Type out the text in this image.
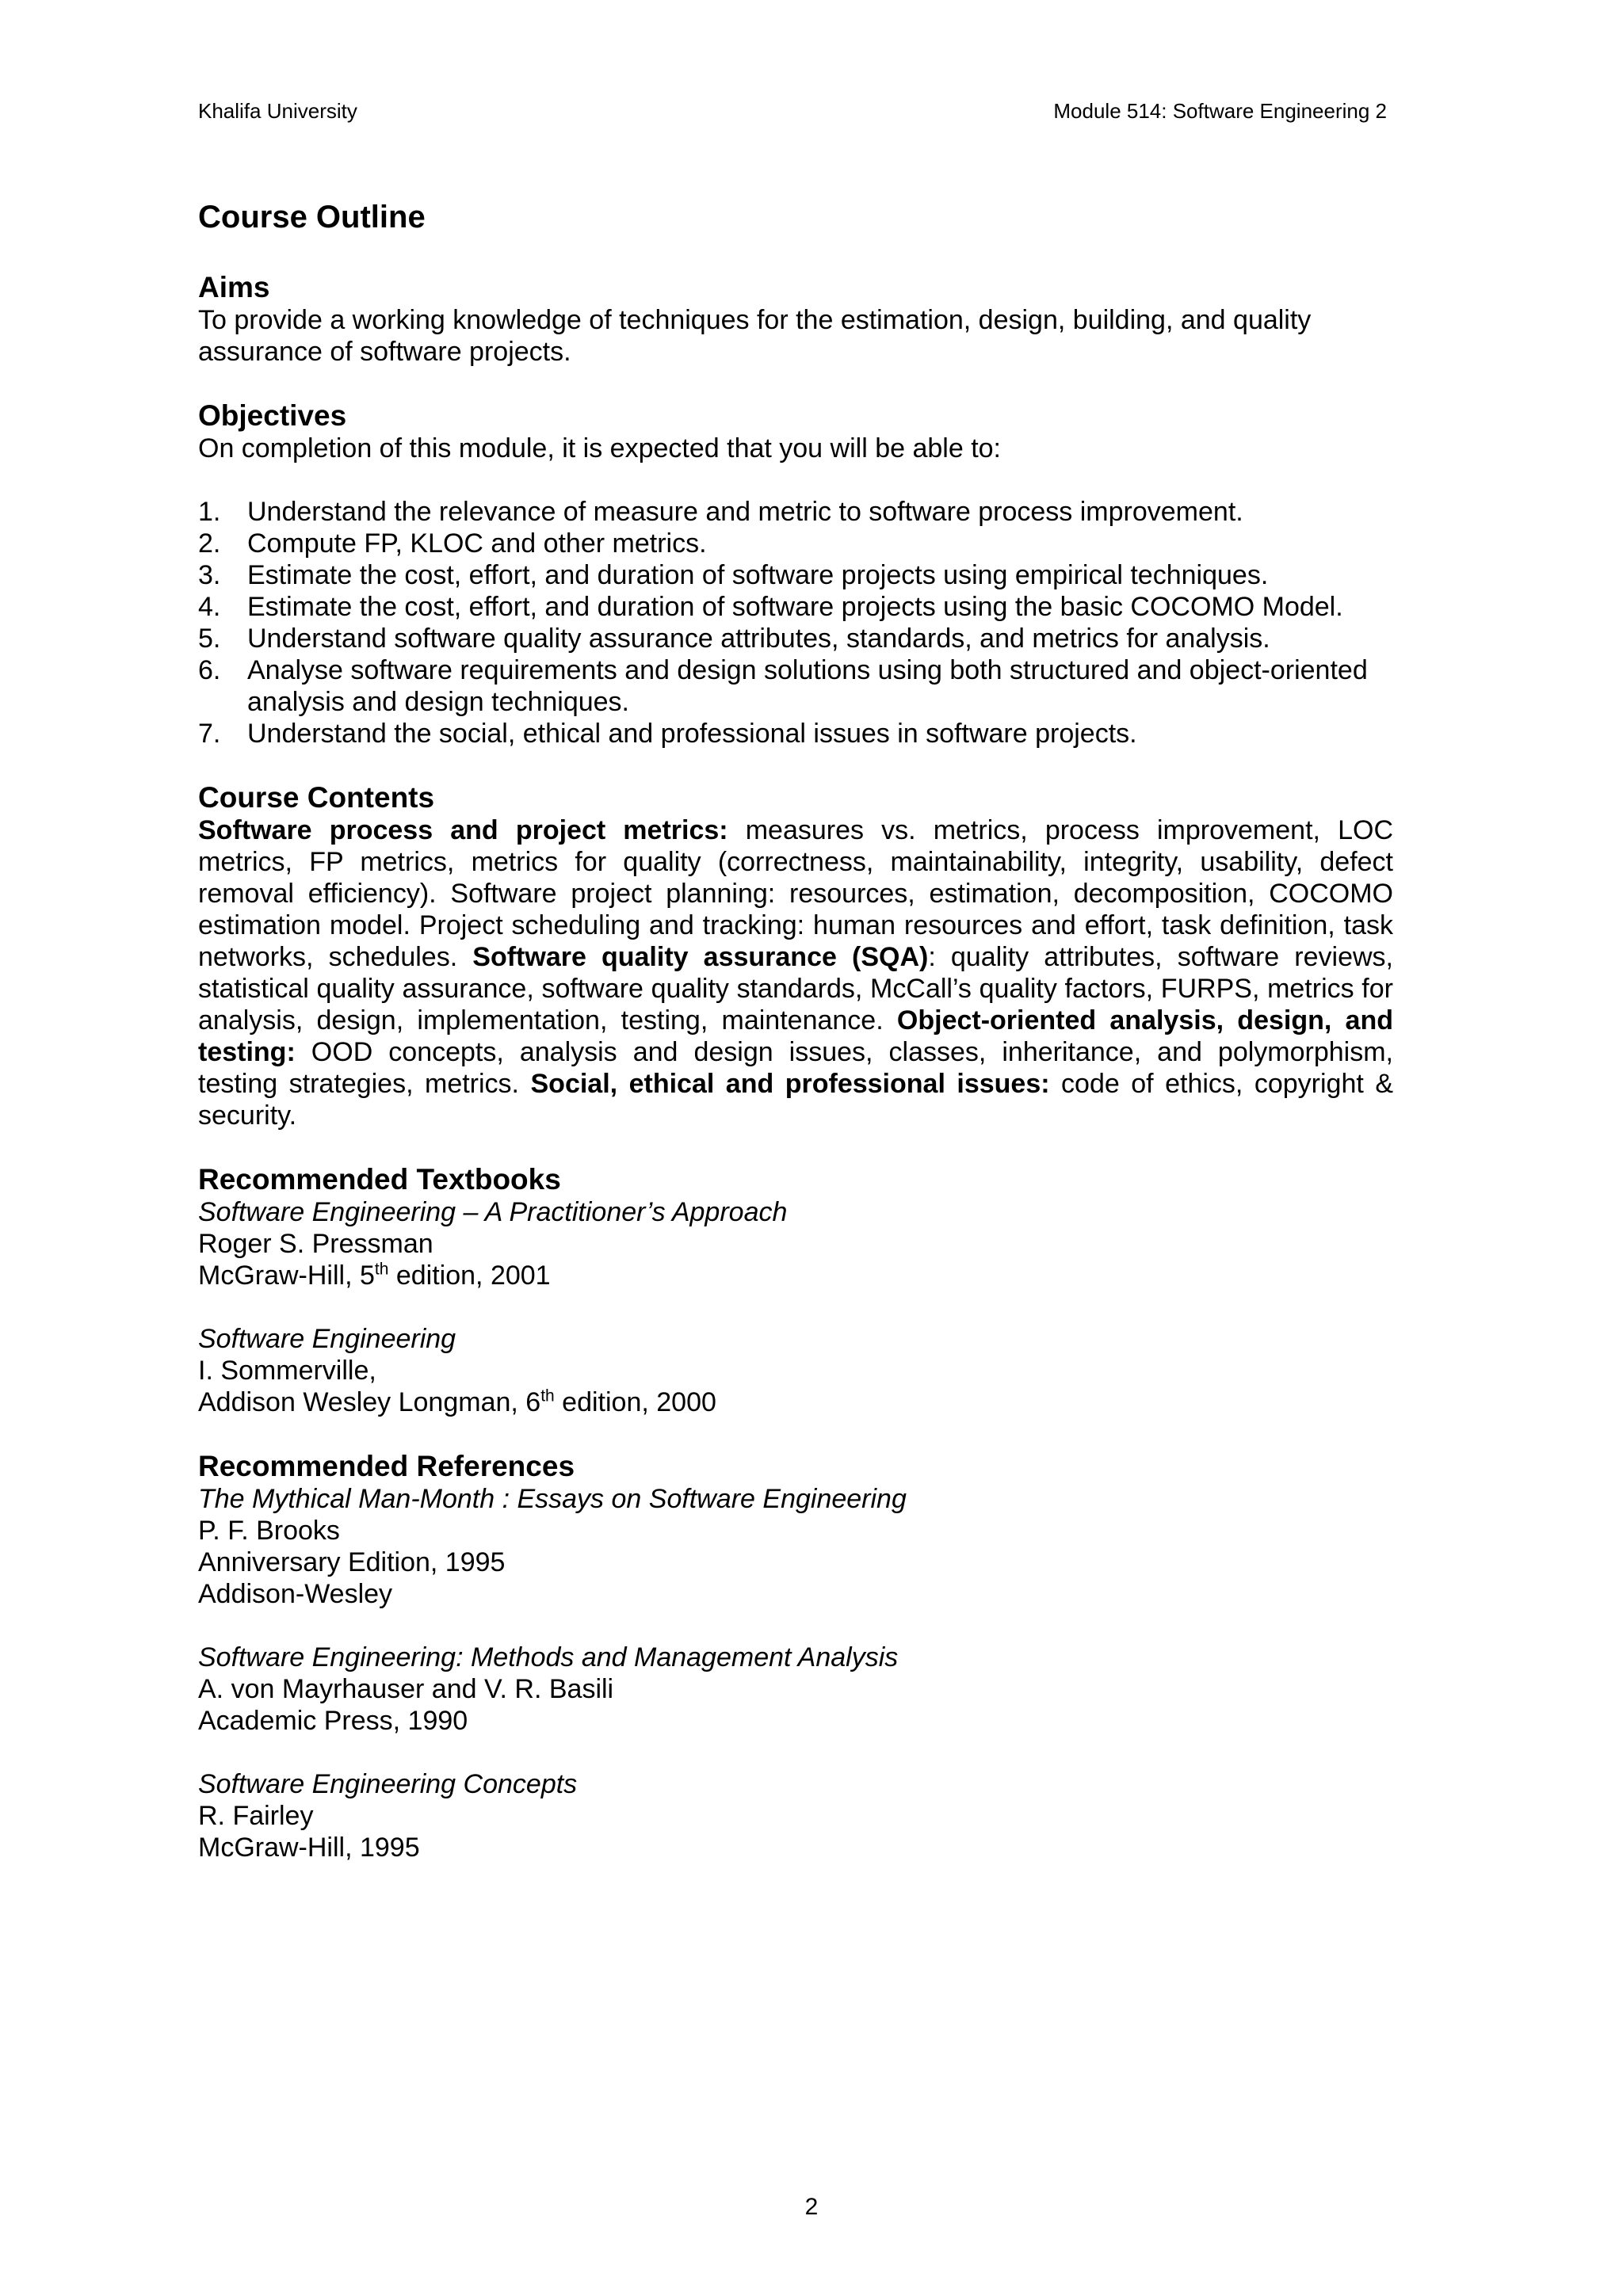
Khalifa University	Module 514: Software Engineering 2
Course Outline
Aims

To provide a working knowledge of techniques for the estimation, design, building, and quality assurance of software projects.

Objectives

On completion of this module, it is expected that you will be able to:

1. Understand the relevance of measure and metric to software process improvement.
2. Compute FP, KLOC and other metrics.
3. Estimate the cost, effort, and duration of software projects using empirical techniques.
4. Estimate the cost, effort, and duration of software projects using the basic COCOMO Model.
5. Understand software quality assurance attributes, standards, and metrics for analysis.
6. Analyse software requirements and design solutions using both structured and object-oriented analysis and design techniques.
7. Understand the social, ethical and professional issues in software projects.
Course Contents

Software process and project metrics: measures vs. metrics, process improvement, LOC metrics, FP metrics, metrics for quality (correctness, maintainability, integrity, usability, defect removal efficiency). Software project planning: resources, estimation, decomposition, COCOMO estimation model. Project scheduling and tracking: human resources and effort, task definition, task networks, schedules. Software quality assurance (SQA): quality attributes, software reviews, statistical quality assurance, software quality standards, McCall’s quality factors, FURPS, metrics for analysis, design, implementation, testing, maintenance. Object-oriented analysis, design, and testing: OOD concepts, analysis and design issues, classes, inheritance, and polymorphism, testing strategies, metrics. Social, ethical and professional issues: code of ethics, copyright & security.

Recommended Textbooks

Software Engineering – A Practitioner’s Approach

Roger S. Pressman

McGraw-Hill, 5th edition, 2001

Software Engineering

I. Sommerville,

Addison Wesley Longman, 6th edition, 2000

Recommended References

The Mythical Man-Month : Essays on Software Engineering

P. F. Brooks

Anniversary Edition, 1995

Addison-Wesley

Software Engineering: Methods and Management Analysis

A. von Mayrhauser and V. R. Basili

Academic Press, 1990

Software Engineering Concepts

R. Fairley

McGraw-Hill, 1995

2
